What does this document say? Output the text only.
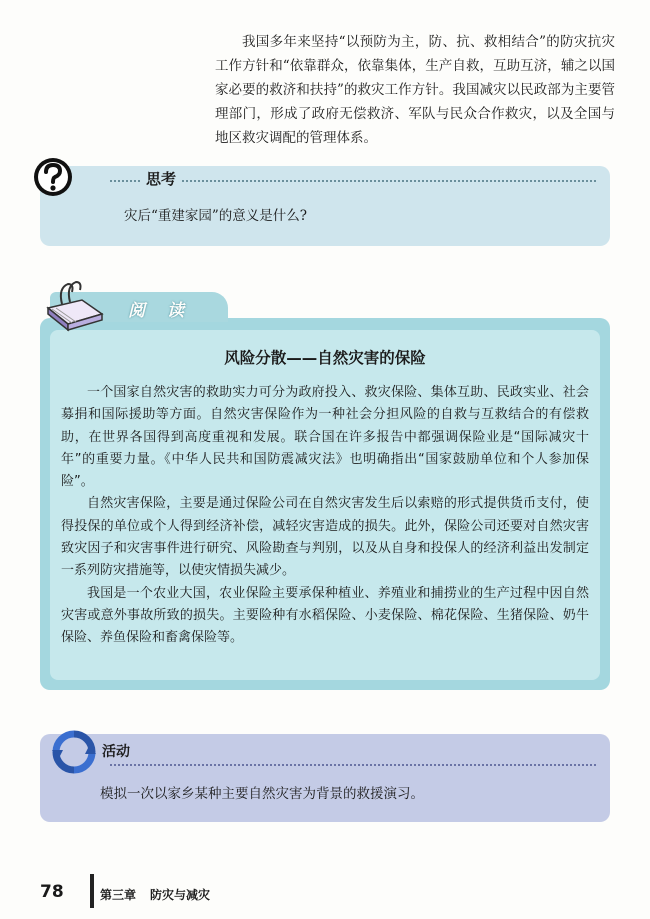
我国多年来坚持“以预防为主，防、抗、救相结合”的防灾抗灾工作方针和“依靠群众，依靠集体，生产自救，互助互济，辅之以国家必要的救济和扶持”的救灾工作方针。我国减灾以民政部为主要管理部门，形成了政府无偿救济、军队与民众合作救灾，以及全国与地区救灾调配的管理体系。

思考
灾后“重建家园”的意义是什么?
风险分散——自然灾害的保险

一个国家自然灾害的救助实力可分为政府投入、救灾保险、集体互助、民政实业、社会募捐和国际援助等方面。自然灾害保险作为一种社会分担风险的自救与互救结合的有偿救助，在世界各国得到高度重视和发展。联合国在许多报告中都强调保险业是“国际减灾十年”的重要力量。《中华人民共和国防震减灾法》也明确指出“国家鼓励单位和个人参加保险”。

自然灾害保险，主要是通过保险公司在自然灾害发生后以索赔的形式提供货币支付，使得投保的单位或个人得到经济补偿，减轻灾害造成的损失。此外，保险公司还要对自然灾害致灾因子和灾害事件进行研究、风险勘查与判别，以及从自身和投保人的经济利益出发制定一系列防灾措施等，以使灾情损失减少。

我国是一个农业大国，农业保险主要承保种植业、养殖业和捕捞业的生产过程中因自然灾害或意外事故所致的损失。主要险种有水稻保险、小麦保险、棉花保险、生猪保险、奶牛保险、养鱼保险和畜禽保险等。

阅读
活动
模拟一次以家乡某种主要自然灾害为背景的救援演习。
78	第三章 防灾与减灾
